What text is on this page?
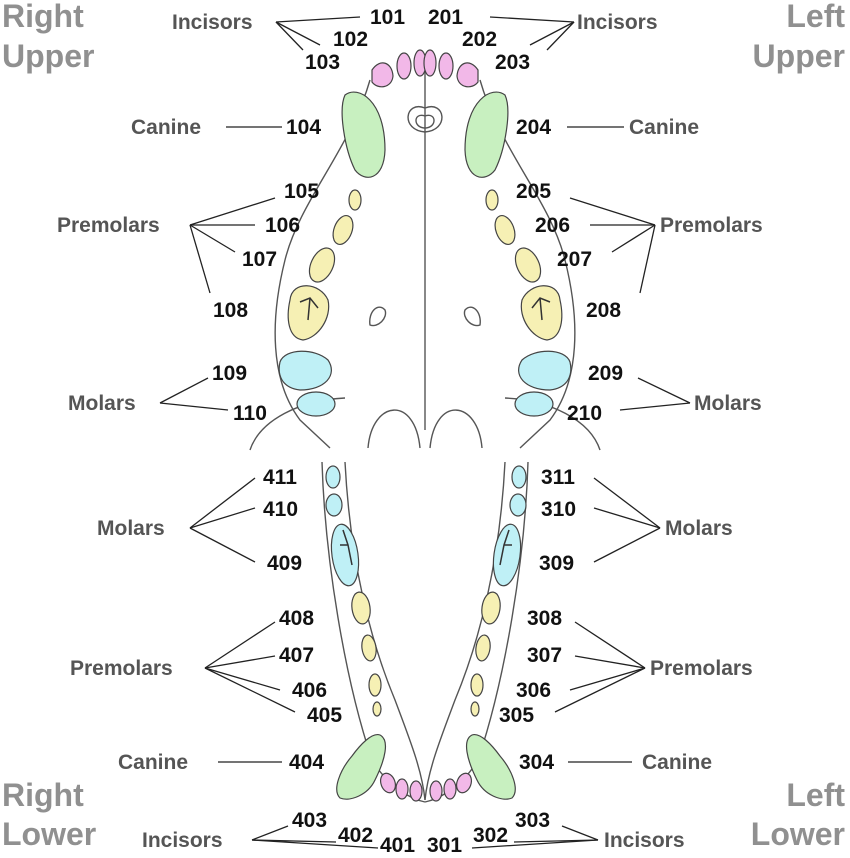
Right
Upper
Left
Upper
Right
Lower
Left
Lower
Incisors	Incisors
Canine	Canine
Premolars	Premolars
Molars	Molars
Molars	Molars
Premolars	Premolars
Canine	Canine
Incisors	Incisors
101 201
102	202
103	203
104	204
105	205
106	206
107	207
108	208
109	209
110	210
411	311
410	310
409	309
408	308
407	307
406	306
405	305
404	304
403	303
402	302
401 301
